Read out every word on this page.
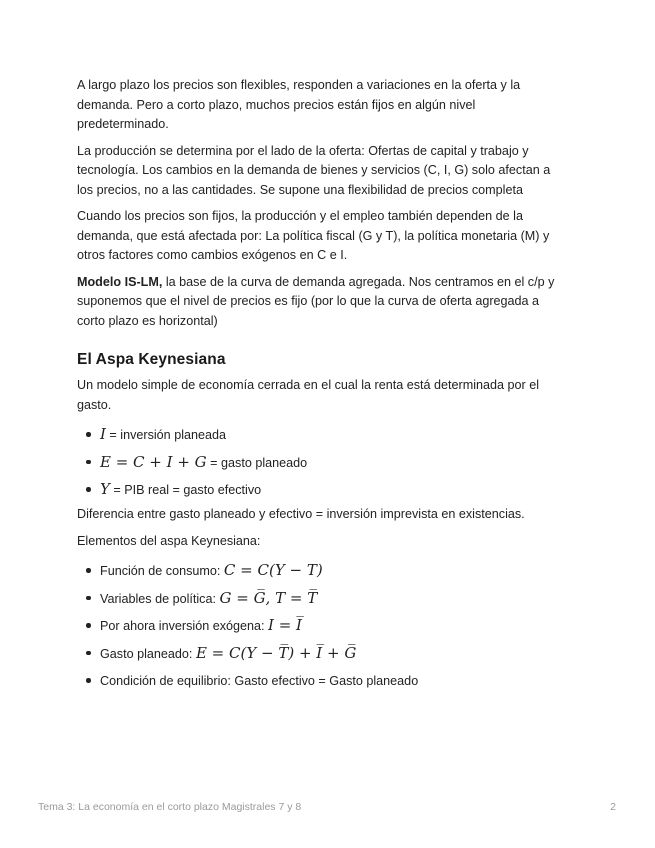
A largo plazo los precios son flexibles, responden a variaciones en la oferta y la demanda. Pero a corto plazo, muchos precios están fijos en algún nivel predeterminado.

La producción se determina por el lado de la oferta: Ofertas de capital y trabajo y tecnología. Los cambios en la demanda de bienes y servicios (C, I, G) solo afectan a los precios, no a las cantidades. Se supone una flexibilidad de precios completa

Cuando los precios son fijos, la producción y el empleo también dependen de la demanda, que está afectada por: La política fiscal (G y T), la política monetaria (M) y otros factores como cambios exógenos en C e I.

Modelo IS-LM, la base de la curva de demanda agregada. Nos centramos en el c/p y suponemos que el nivel de precios es fijo (por lo que la curva de oferta agregada a corto plazo es horizontal)

El Aspa Keynesiana

Un modelo simple de economía cerrada en el cual la renta está determinada por el gasto.

I = inversión planeada
E = C + I + G = gasto planeado
Y = PIB real = gasto efectivo

Diferencia entre gasto planeado y efectivo = inversión imprevista en existencias.

Elementos del aspa Keynesiana:

Función de consumo: C = C(Y − T)
Variables de política: G = G̅, T = T̅
Por ahora inversión exógena: I = I̅
Gasto planeado: E = C(Y − T̅) + I̅ + G̅
Condición de equilibrio: Gasto efectivo = Gasto planeado
Tema 3: La economía en el corto plazo Magistrales 7 y 8	2
